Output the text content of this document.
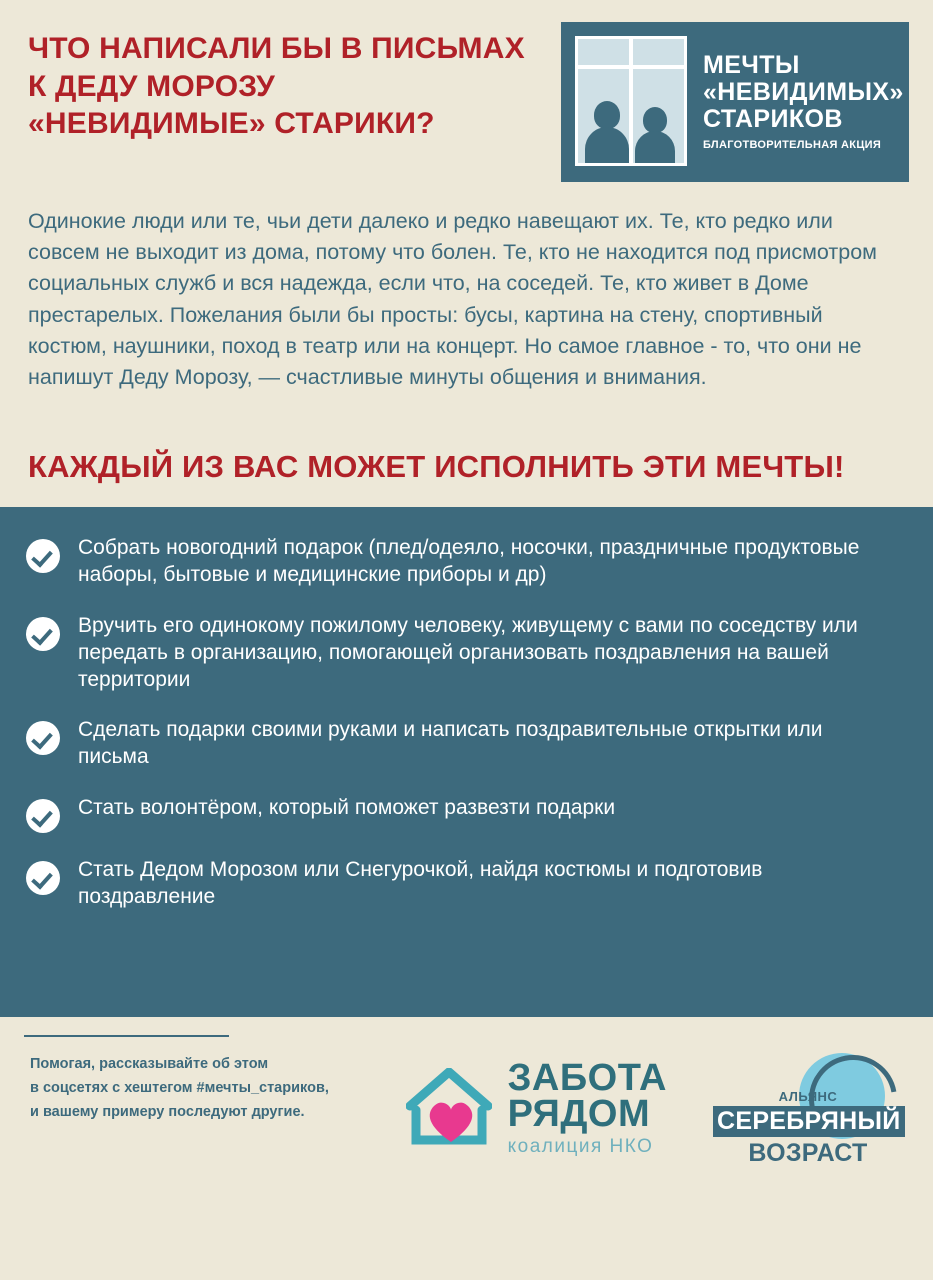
ЧТО НАПИСАЛИ БЫ В ПИСЬМАХ
К ДЕДУ МОРОЗУ
«НЕВИДИМЫЕ» СТАРИКИ?
МЕЧТЫ
«НЕВИДИМЫХ»
СТАРИКОВ
БЛАГОТВОРИТЕЛЬНАЯ АКЦИЯ
Одинокие люди или те, чьи дети далеко и редко навещают их. Те, кто редко или совсем не выходит из дома, потому что болен. Те, кто не находится под присмотром социальных служб и вся надежда, если что, на соседей. Те, кто живет в Доме престарелых. Пожелания были бы просты: бусы, картина на стену, спортивный костюм, наушники, поход в театр или на концерт. Но самое главное - то, что они не напишут Деду Морозу, — счастливые минуты общения и внимания.
КАЖДЫЙ ИЗ ВАС МОЖЕТ ИСПОЛНИТЬ ЭТИ МЕЧТЫ!
Собрать новогодний подарок (плед/одеяло, носочки, праздничные продуктовые наборы, бытовые и медицинские приборы и др)
Вручить его одинокому пожилому человеку, живущему с вами по соседству или передать в организацию, помогающей организовать поздравления на вашей территории
Сделать подарки своими руками и написать поздравительные открытки или письма
Стать волонтёром, который поможет развезти подарки
Стать Дедом Морозом или Снегурочкой, найдя костюмы и подготовив поздравление
Помогая, рассказывайте об этом
в соцсетях с хештегом #мечты_стариков,
и вашему примеру последуют другие.
ЗАБОТА
РЯДОМ
коалиция НКО
АЛЬЯНС
СЕРЕБРЯНЫЙ
ВОЗРАСТ
